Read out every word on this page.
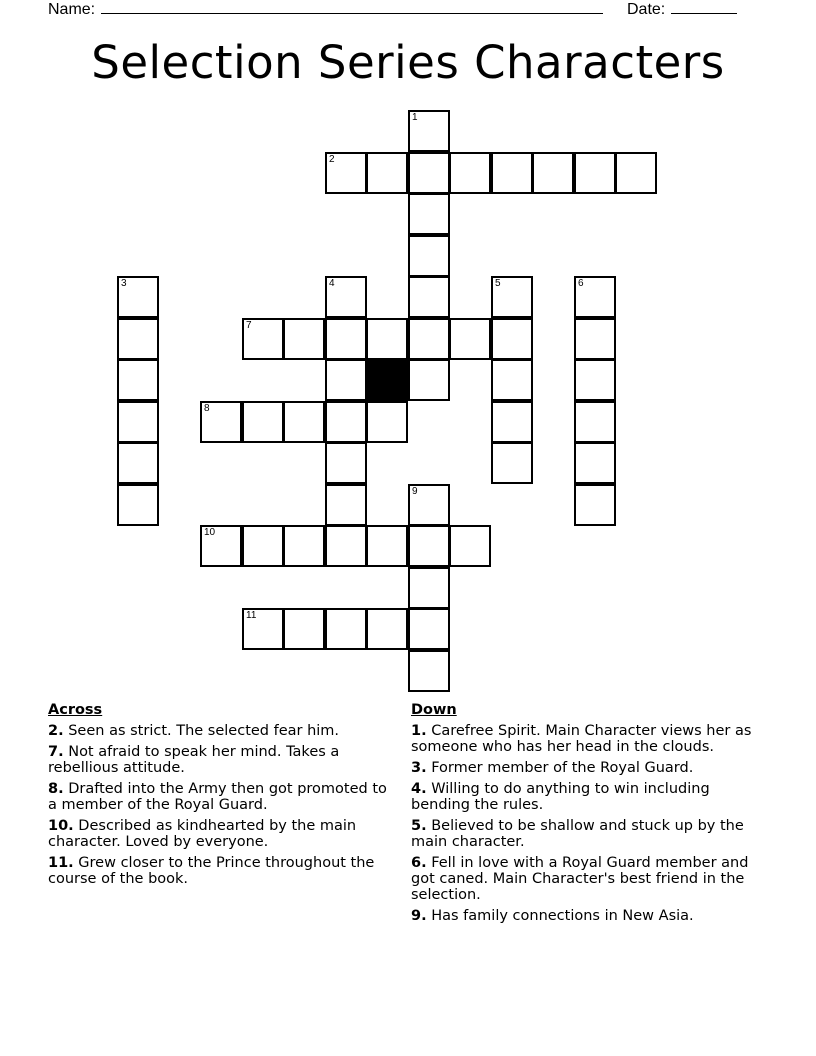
Name:	Date:
Selection Series Characters
1
2
3	4	5	6
7
8
9
10
11
Across
2. Seen as strict. The selected fear him.
7. Not afraid to speak her mind. Takes a rebellious attitude.
8. Drafted into the Army then got promoted to a member of the Royal Guard.
10. Described as kindhearted by the main character. Loved by everyone.
11. Grew closer to the Prince throughout the course of the book.
Down
1. Carefree Spirit. Main Character views her as someone who has her head in the clouds.
3. Former member of the Royal Guard.
4. Willing to do anything to win including bending the rules.
5. Believed to be shallow and stuck up by the main character.
6. Fell in love with a Royal Guard member and got caned. Main Character's best friend in the selection.
9. Has family connections in New Asia.
